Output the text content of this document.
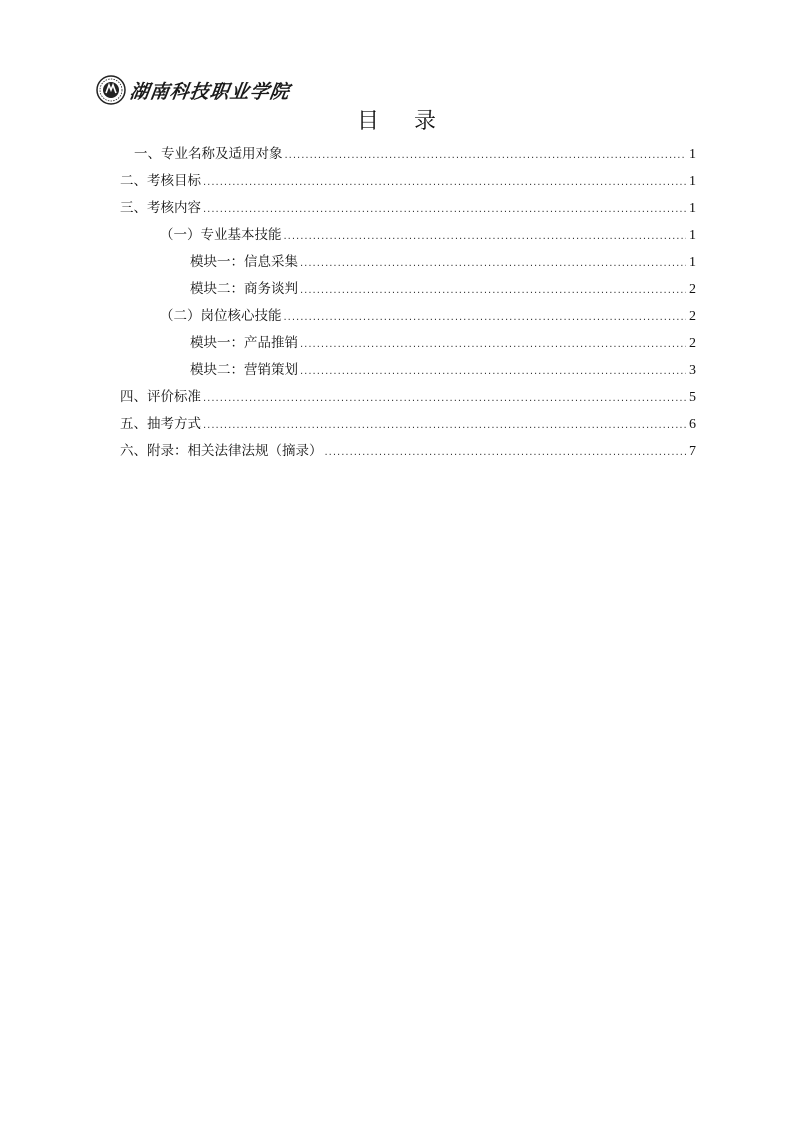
湖南科技职业学院
目 录
一、专业名称及适用对象 .....	1
二、考核目标 .....	1
三、考核内容 .....	1
（一）专业基本技能 .....	1
模块一：信息采集 .....	1
模块二：商务谈判 .....	2
（二）岗位核心技能 .....	2
模块一：产品推销 .....	2
模块二：营销策划 .....	3
四、评价标准 .....	5
五、抽考方式 .....	6
六、附录：相关法律法规（摘录） .....	7
